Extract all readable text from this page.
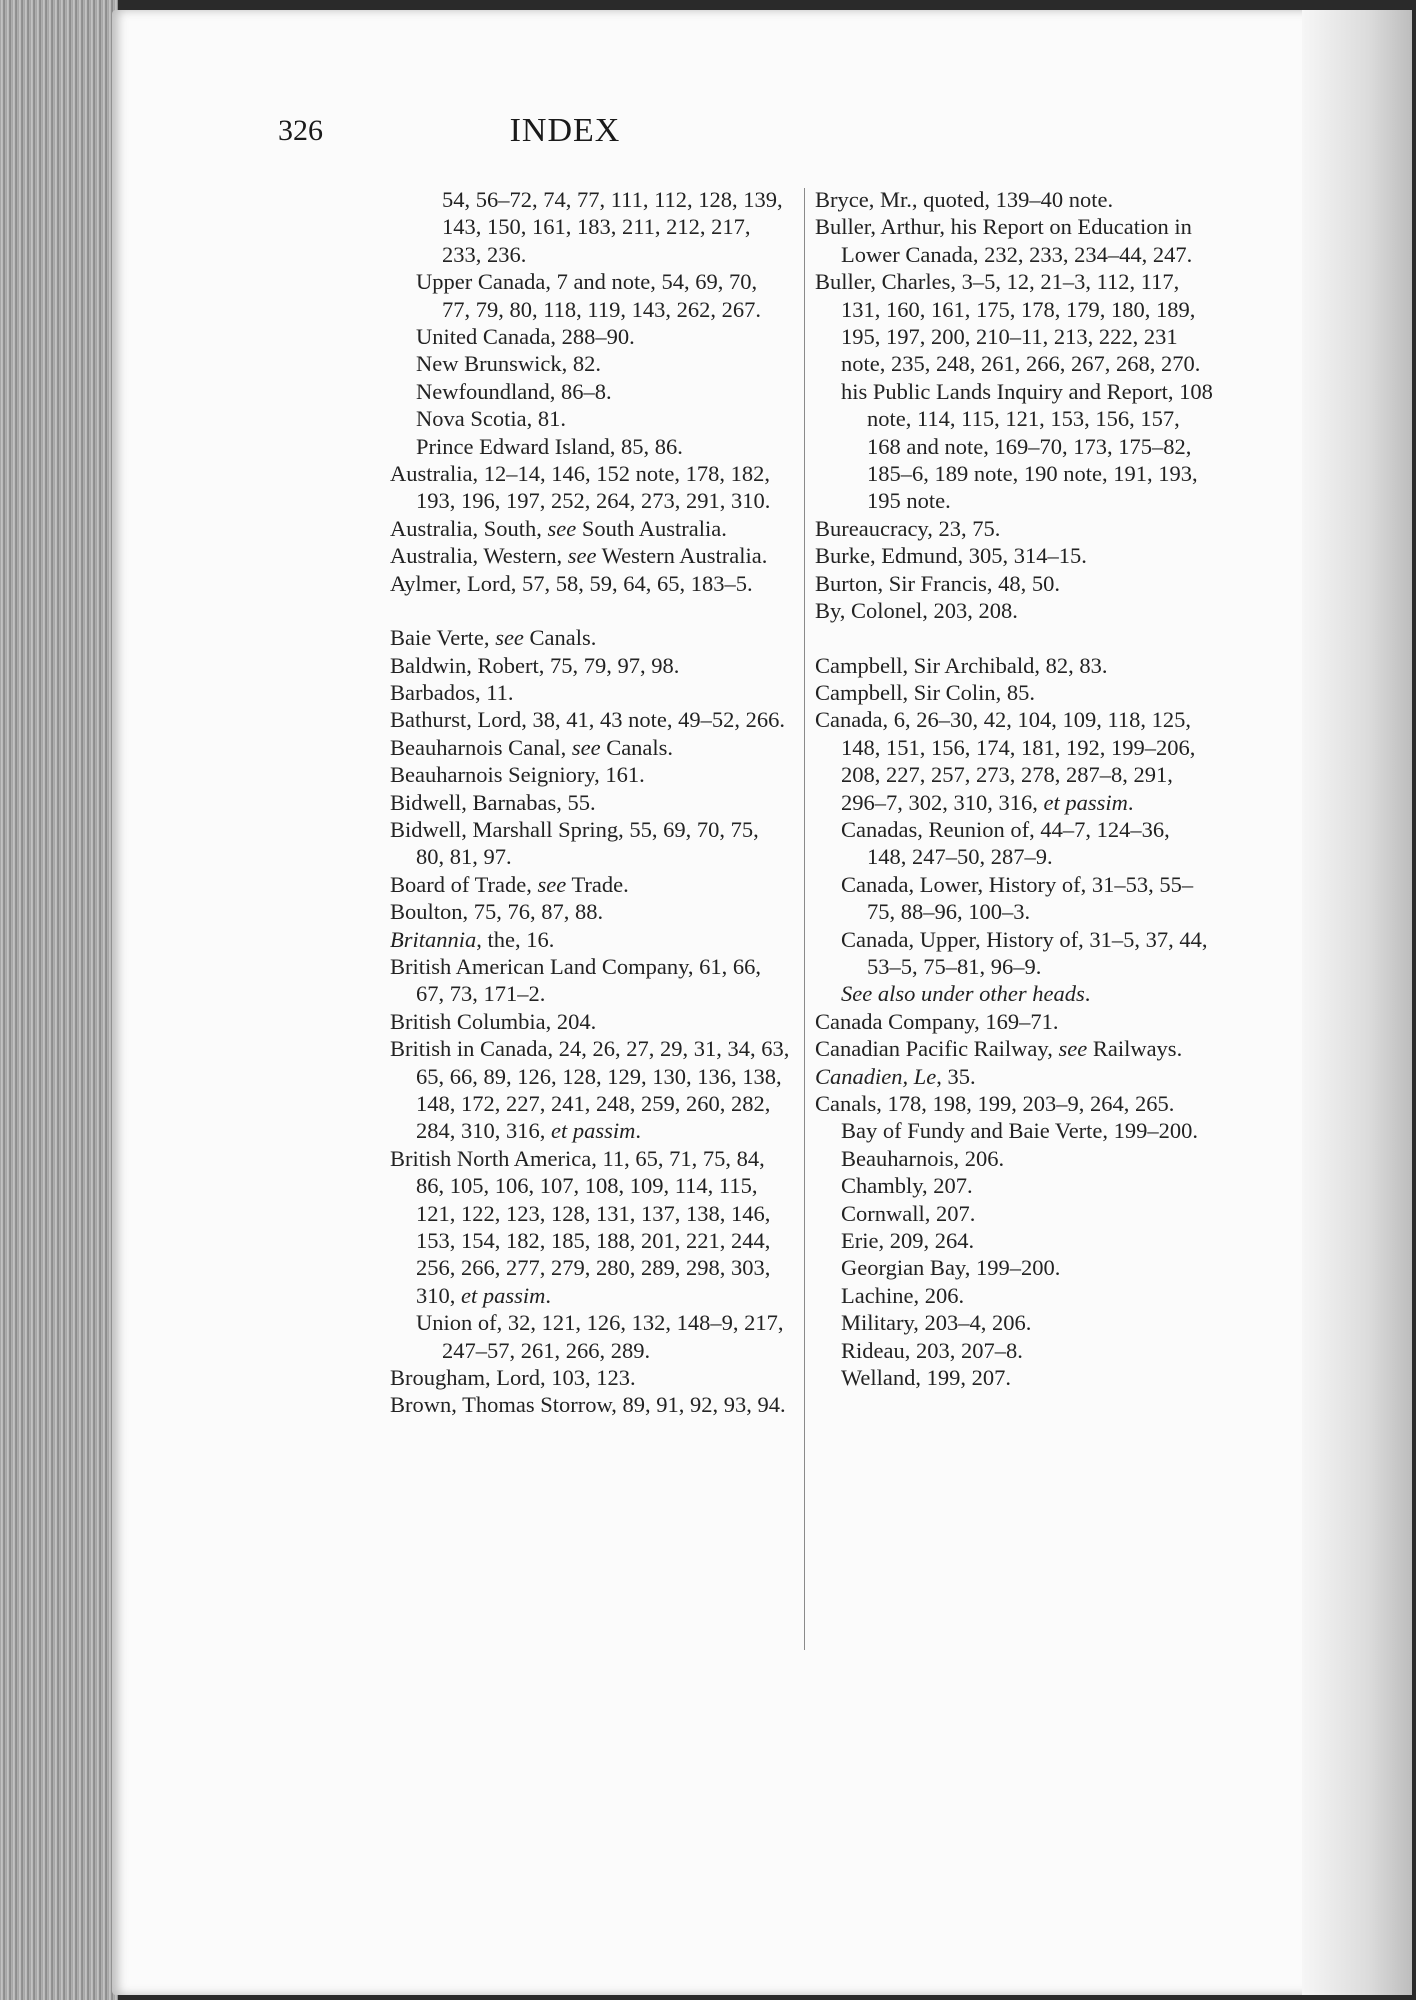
326	INDEX

54, 56–72, 74, 77, 111, 112, 128, 139, 143, 150, 161, 183, 211, 212, 217, 233, 236.

Upper Canada, 7 and note, 54, 69, 70, 77, 79, 80, 118, 119, 143, 262, 267.

United Canada, 288–90.

New Brunswick, 82.

Newfoundland, 86–8.

Nova Scotia, 81.

Prince Edward Island, 85, 86.

Australia, 12–14, 146, 152 note, 178, 182, 193, 196, 197, 252, 264, 273, 291, 310.

Australia, South, see South Australia.

Australia, Western, see Western Australia.

Aylmer, Lord, 57, 58, 59, 64, 65, 183–5.

Baie Verte, see Canals.

Baldwin, Robert, 75, 79, 97, 98.

Barbados, 11.

Bathurst, Lord, 38, 41, 43 note, 49–52, 266.

Beauharnois Canal, see Canals.

Beauharnois Seigniory, 161.

Bidwell, Barnabas, 55.

Bidwell, Marshall Spring, 55, 69, 70, 75, 80, 81, 97.

Board of Trade, see Trade.

Boulton, 75, 76, 87, 88.

Britannia, the, 16.

British American Land Company, 61, 66, 67, 73, 171–2.

British Columbia, 204.

British in Canada, 24, 26, 27, 29, 31, 34, 63, 65, 66, 89, 126, 128, 129, 130, 136, 138, 148, 172, 227, 241, 248, 259, 260, 282, 284, 310, 316, et passim.

British North America, 11, 65, 71, 75, 84, 86, 105, 106, 107, 108, 109, 114, 115, 121, 122, 123, 128, 131, 137, 138, 146, 153, 154, 182, 185, 188, 201, 221, 244, 256, 266, 277, 279, 280, 289, 298, 303, 310, et passim.

Union of, 32, 121, 126, 132, 148–9, 217, 247–57, 261, 266, 289.

Brougham, Lord, 103, 123.

Brown, Thomas Storrow, 89, 91, 92, 93, 94.

Bryce, Mr., quoted, 139–40 note.

Buller, Arthur, his Report on Education in Lower Canada, 232, 233, 234–44, 247.

Buller, Charles, 3–5, 12, 21–3, 112, 117, 131, 160, 161, 175, 178, 179, 180, 189, 195, 197, 200, 210–11, 213, 222, 231 note, 235, 248, 261, 266, 267, 268, 270.

his Public Lands Inquiry and Report, 108 note, 114, 115, 121, 153, 156, 157, 168 and note, 169–70, 173, 175–82, 185–6, 189 note, 190 note, 191, 193, 195 note.

Bureaucracy, 23, 75.

Burke, Edmund, 305, 314–15.

Burton, Sir Francis, 48, 50.

By, Colonel, 203, 208.

Campbell, Sir Archibald, 82, 83.

Campbell, Sir Colin, 85.

Canada, 6, 26–30, 42, 104, 109, 118, 125, 148, 151, 156, 174, 181, 192, 199–206, 208, 227, 257, 273, 278, 287–8, 291, 296–7, 302, 310, 316, et passim.

Canadas, Reunion of, 44–7, 124–36, 148, 247–50, 287–9.

Canada, Lower, History of, 31–53, 55–75, 88–96, 100–3.

Canada, Upper, History of, 31–5, 37, 44, 53–5, 75–81, 96–9.

See also under other heads.

Canada Company, 169–71.

Canadian Pacific Railway, see Railways.

Canadien, Le, 35.

Canals, 178, 198, 199, 203–9, 264, 265.

Bay of Fundy and Baie Verte, 199–200.

Beauharnois, 206.

Chambly, 207.

Cornwall, 207.

Erie, 209, 264.

Georgian Bay, 199–200.

Lachine, 206.

Military, 203–4, 206.

Rideau, 203, 207–8.

Welland, 199, 207.
